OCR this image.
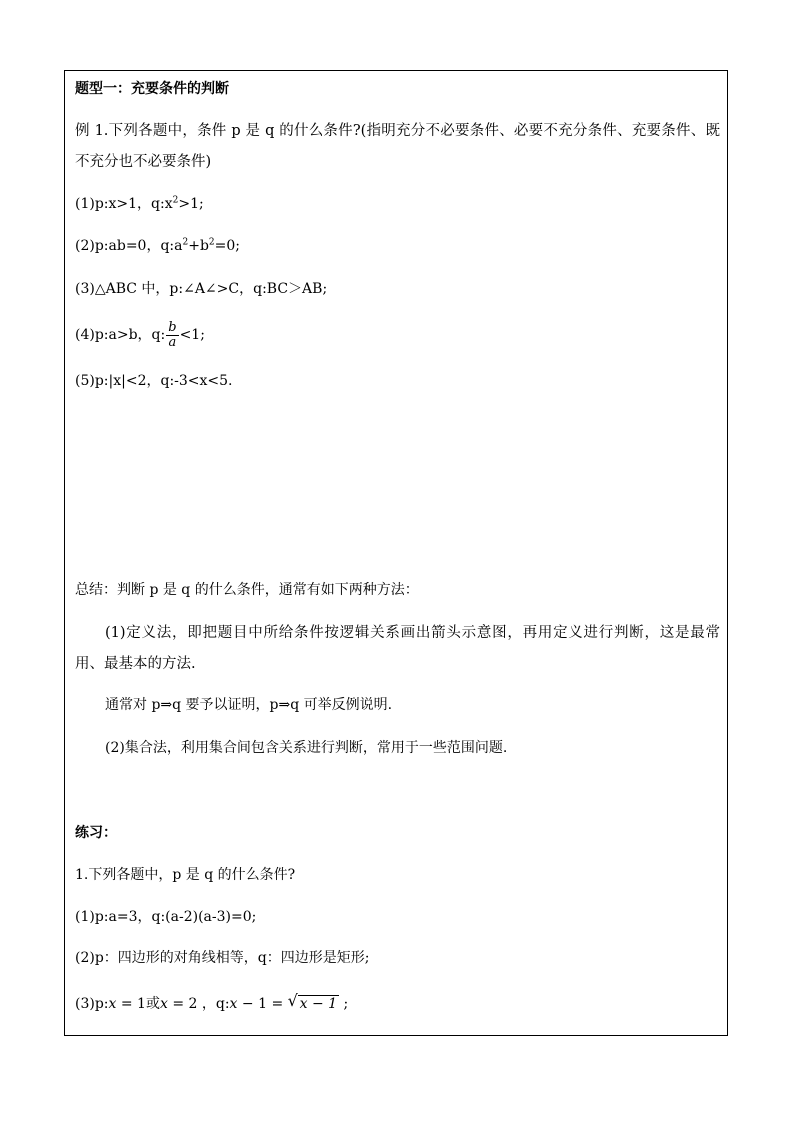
题型一：充要条件的判断
例 1.下列各题中，条件 p 是 q 的什么条件?(指明充分不必要条件、必要不充分条件、充要条件、既不充分也不必要条件)
(1)p:x>1，$q:x^2>1$;
(2)p:ab=0，$q:a^2+b^2=0$;
(3)△ABC 中，p:∠A∠>C，q:BC＞AB;
(4)p:a>b，q: $\frac{b}{a} <1$;
(5)p:|x|<2，q:-3<x<5.
总结：判断 p 是 q 的什么条件，通常有如下两种方法：
(1)定义法，即把题目中所给条件按逻辑关系画出箭头示意图，再用定义进行判断，这是最常用、最基本的方法.
通常对 p⇒q 要予以证明，p⇒q 可举反例说明.
(2)集合法，利用集合间包含关系进行判断，常用于一些范围问题.
练习：
1.下列各题中，p 是 q 的什么条件?
(1)p:a=3，q:(a-2)(a-3)=0;
(2)p：四边形的对角线相等，q：四边形是矩形;
(3)p:x = 1或x = 2 ，q:x − 1 = √ x − 1 ;
